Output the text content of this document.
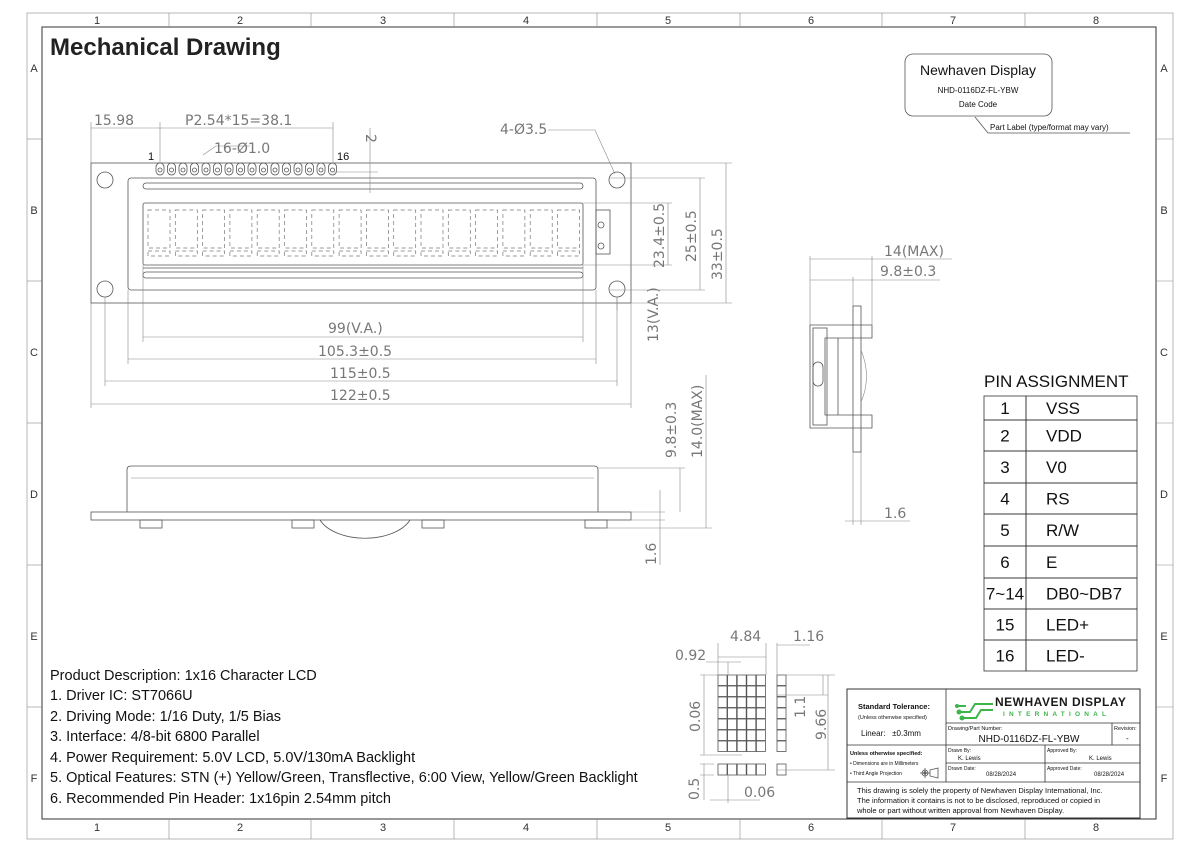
1	2	3	4	5	6	7	8
1	2	3	4	5	6	7	8
A
B
C
D
E
F
A
B
C
D
E
F
Mechanical Drawing
Newhaven Display
NHD-0116DZ-FL-YBW
Date Code
Part Label (type/format may vary)
15.98	P2.54*15=38.1
16-Ø1.0
1	16
2
4-Ø3.5
23.4±0.5 25±0.5 33±0.5
13(V.A.)
99(V.A.)
105.3±0.5
115±0.5
122±0.5
9.8±0.3 14.0(MAX)
1.6
14(MAX)
9.8±0.3
1.6
4.84 1.16
0.92
0.06	1.1
9.66
0.5	0.06
PIN ASSIGNMENT
1 VSS
2 VDD
3 V0
4 RS
5 R/W
6 E
7~14 DB0~DB7
15 LED+
16 LED-
Product Description: 1x16 Character LCD
1. Driver IC: ST7066U
2. Driving Mode: 1/16 Duty, 1/5 Bias
3. Interface: 4/8-bit 6800 Parallel
4. Power Requirement: 5.0V LCD, 5.0V/130mA Backlight
5. Optical Features: STN (+) Yellow/Green, Transflective, 6:00 View, Yellow/Green Backlight
6. Recommended Pin Header: 1x16pin 2.54mm pitch
Standard Tolerance:
(Unless otherwise specified)
Linear:   ±0.3mm
NEWHAVEN DISPLAY
INTERNATIONAL
Drawing/Part Number:
NHD-0116DZ-FL-YBW
Revision:
-
Unless otherwise specified:
• Dimensions are in Millimeters
• Third Angle Projection
Drawn By:
K. Lewis
Approved By:
K. Lewis
Drawn Date:
08/28/2024
Approved Date:
08/28/2024
This drawing is solely the property of Newhaven Display International, Inc.
The information it contains is not to be disclosed, reproduced or copied in
whole or part without written approval from Newhaven Display.
